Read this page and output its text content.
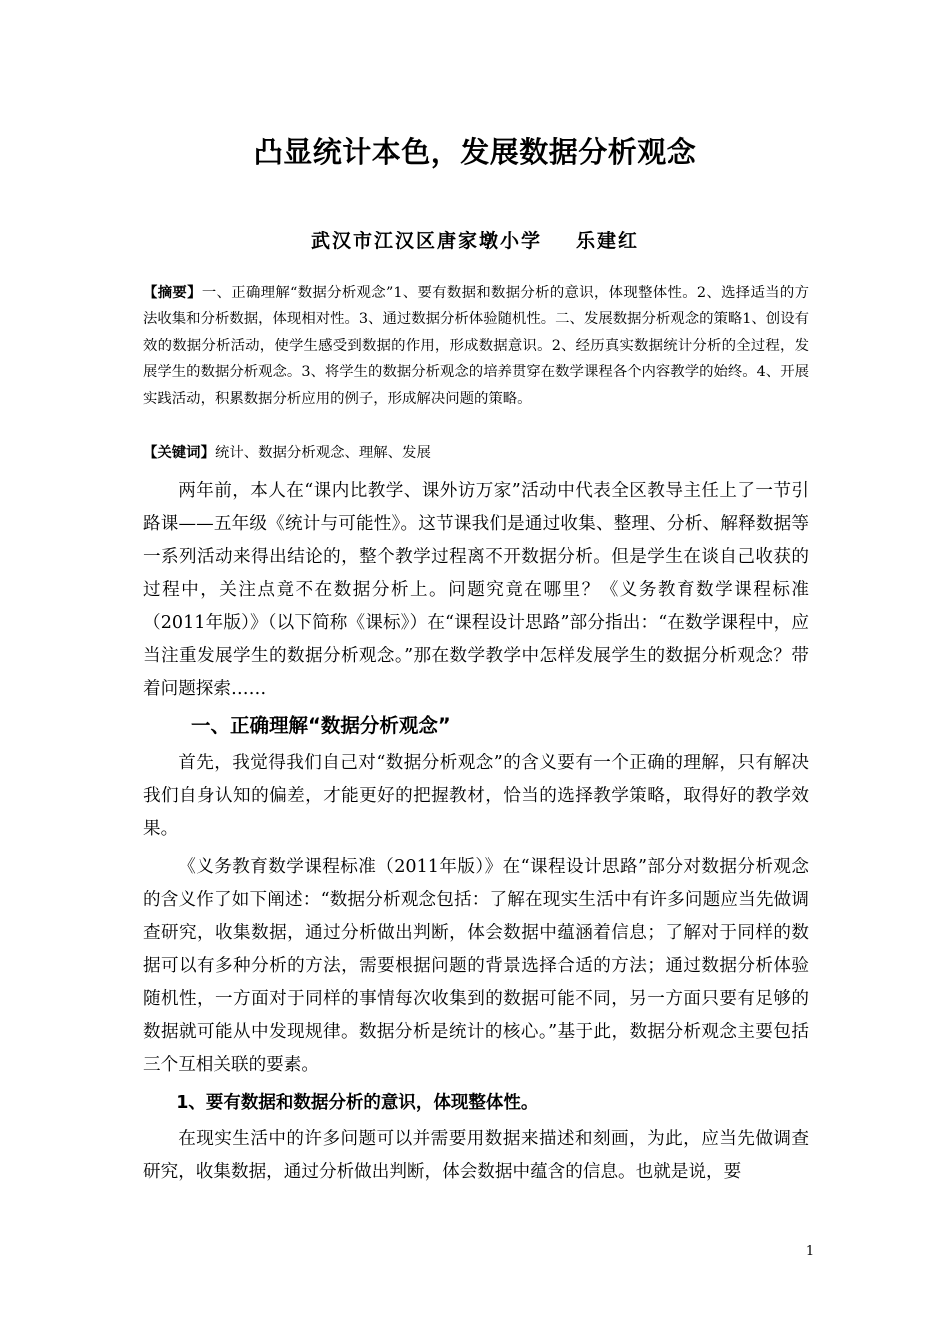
凸显统计本色，发展数据分析观念
武汉市江汉区唐家墩小学 乐建红
【摘要】一、正确理解“数据分析观念”1、要有数据和数据分析的意识，体现整体性。2、选择适当的方法收集和分析数据，体现相对性。3、通过数据分析体验随机性。二、发展数据分析观念的策略1、创设有效的数据分析活动，使学生感受到数据的作用，形成数据意识。2、经历真实数据统计分析的全过程，发展学生的数据分析观念。3、将学生的数据分析观念的培养贯穿在数学课程各个内容教学的始终。4、开展实践活动，积累数据分析应用的例子，形成解决问题的策略。
【关键词】统计、数据分析观念、理解、发展

两年前，本人在“课内比教学、课外访万家”活动中代表全区教导主任上了一节引路课——五年级《统计与可能性》。这节课我们是通过收集、整理、分析、解释数据等一系列活动来得出结论的，整个教学过程离不开数据分析。但是学生在谈自己收获的过程中，关注点竟不在数据分析上。问题究竟在哪里？《义务教育数学课程标准（2011年版）》（以下简称《课标》）在“课程设计思路”部分指出：“在数学课程中，应当注重发展学生的数据分析观念。”那在数学教学中怎样发展学生的数据分析观念？带着问题探索……

一、正确理解“数据分析观念”

首先，我觉得我们自己对“数据分析观念”的含义要有一个正确的理解，只有解决我们自身认知的偏差，才能更好的把握教材，恰当的选择教学策略，取得好的教学效果。

《义务教育数学课程标准（2011年版）》在“课程设计思路”部分对数据分析观念的含义作了如下阐述：“数据分析观念包括：了解在现实生活中有许多问题应当先做调查研究，收集数据，通过分析做出判断，体会数据中蕴涵着信息；了解对于同样的数据可以有多种分析的方法，需要根据问题的背景选择合适的方法；通过数据分析体验随机性，一方面对于同样的事情每次收集到的数据可能不同，另一方面只要有足够的数据就可能从中发现规律。数据分析是统计的核心。”基于此，数据分析观念主要包括三个互相关联的要素。

1、要有数据和数据分析的意识，体现整体性。

在现实生活中的许多问题可以并需要用数据来描述和刻画，为此，应当先做调查研究，收集数据，通过分析做出判断，体会数据中蕴含的信息。也就是说，要

1
